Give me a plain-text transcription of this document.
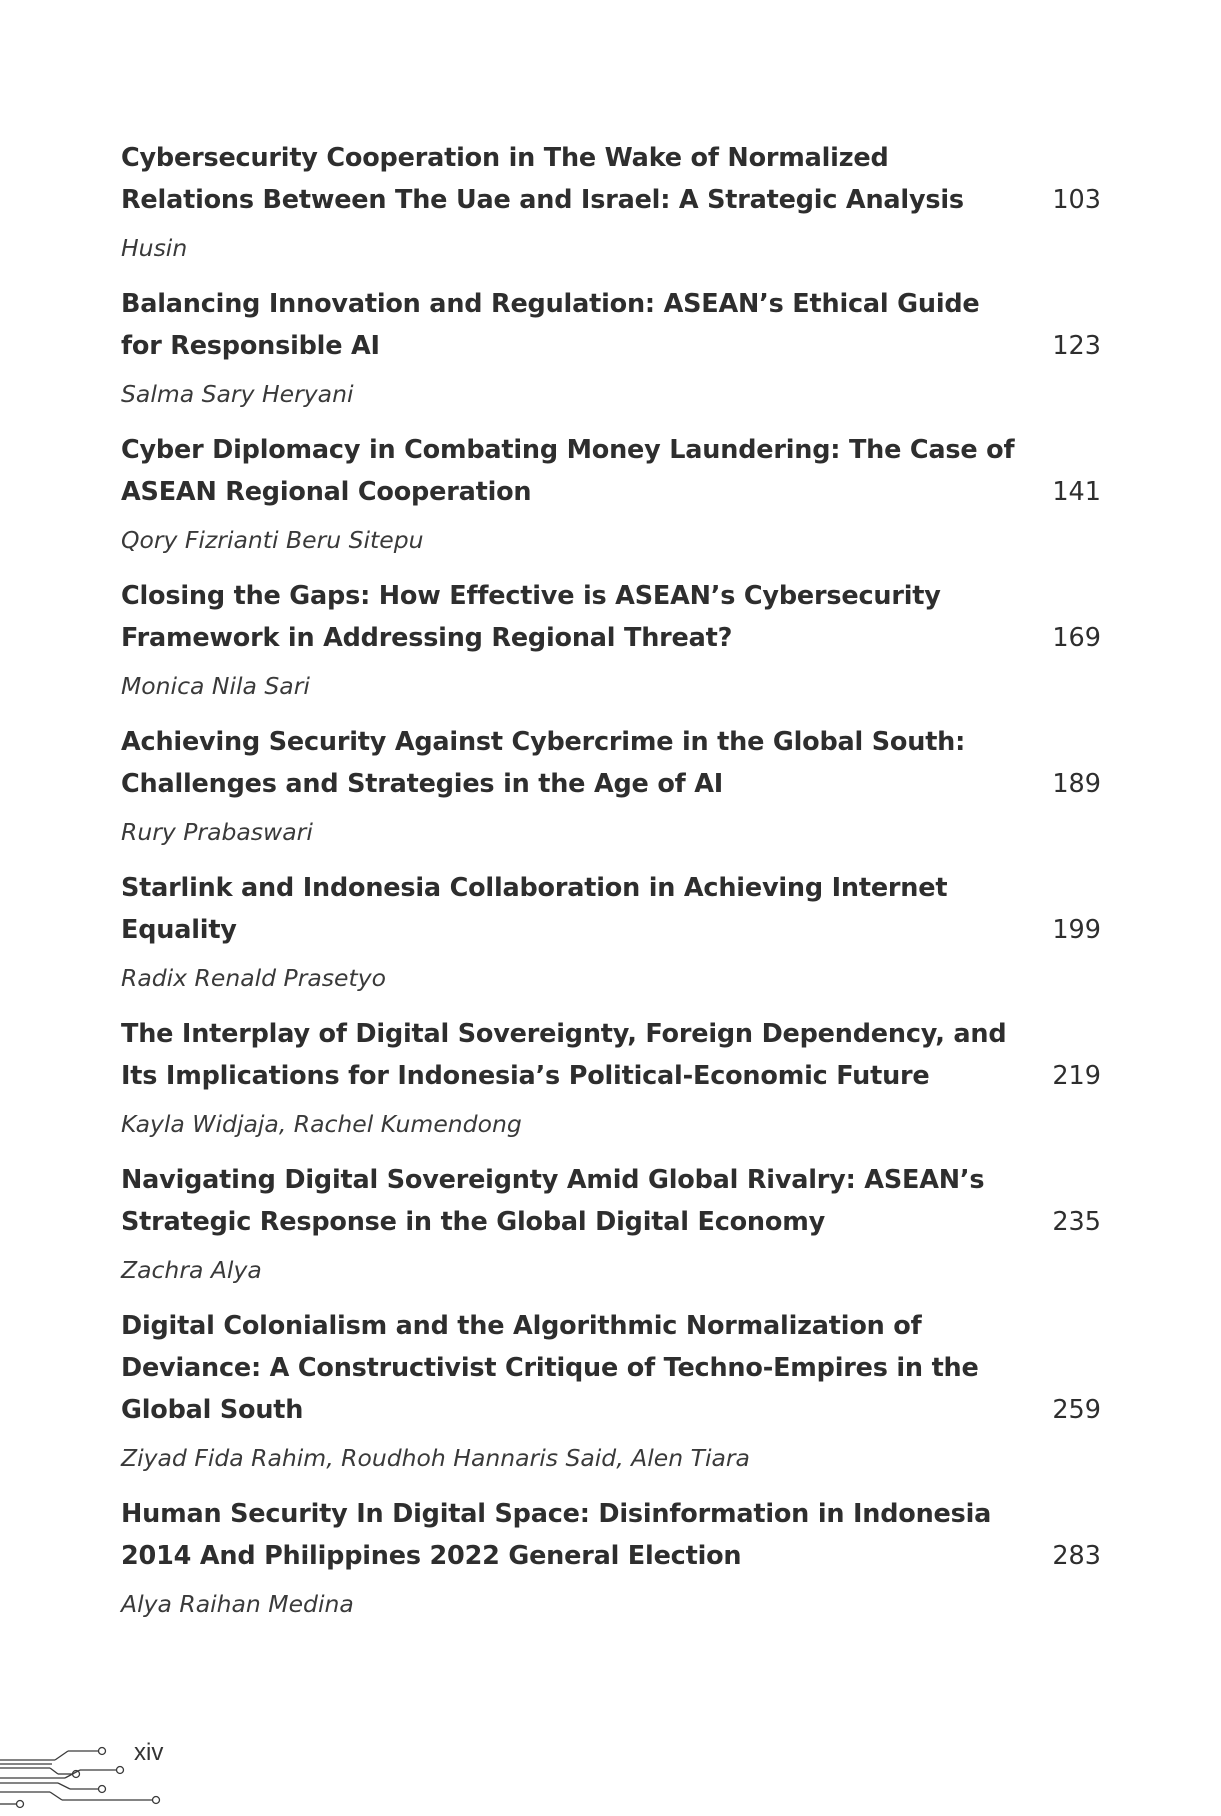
Cybersecurity Cooperation in The Wake of Normalized Relations Between The Uae and Israel: A Strategic Analysis	103
Husin
Balancing Innovation and Regulation: ASEAN’s Ethical Guide for Responsible AI	123
Salma Sary Heryani
Cyber Diplomacy in Combating Money Laundering: The Case of ASEAN Regional Cooperation	141
Qory Fizrianti Beru Sitepu
Closing the Gaps: How Effective is ASEAN’s Cybersecurity Framework in Addressing Regional Threat?	169
Monica Nila Sari
Achieving Security Against Cybercrime in the Global South: Challenges and Strategies in the Age of AI	189
Rury Prabaswari
Starlink and Indonesia Collaboration in Achieving Internet Equality	199
Radix Renald Prasetyo
The Interplay of Digital Sovereignty, Foreign Dependency, and Its Implications for Indonesia’s Political-Economic Future	219
Kayla Widjaja, Rachel Kumendong
Navigating Digital Sovereignty Amid Global Rivalry: ASEAN’s Strategic Response in the Global Digital Economy	235
Zachra Alya
Digital Colonialism and the Algorithmic Normalization of Deviance: A Constructivist Critique of Techno-Empires in the Global South	259
Ziyad Fida Rahim, Roudhoh Hannaris Said, Alen Tiara
Human Security In Digital Space: Disinformation in Indonesia 2014 And Philippines 2022 General Election	283
Alya Raihan Medina
xiv
